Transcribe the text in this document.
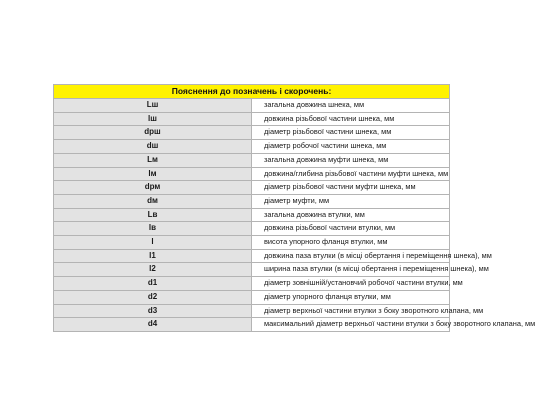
Пояснення до позначень і скорочень:	
Lш	загальна довжина шнека, мм
lш	довжина різьбової частини шнека, мм
dрш	діаметр різьбової частини шнека, мм
dш	діаметр робочої частини шнека, мм
Lм	загальна довжина муфти шнека, мм
lм	довжина/глибина різьбової частини муфти шнека, мм
dрм	діаметр різьбової частини муфти шнека, мм
dм	діаметр муфти, мм
Lв	загальна довжина втулки, мм
lв	довжина різьбової частини втулки, мм
l	висота упорного фланця втулки, мм
l1	довжина паза втулки (в місці обертання і переміщення шнека), мм
l2	ширина паза втулки (в місці обертання і переміщення шнека), мм
d1	діаметр зовнішній/установчий робочої частини втулки, мм
d2	діаметр упорного фланця втулки, мм
d3	діаметр верхньої частини втулки з боку зворотного клапана, мм
d4	максимальний діаметр верхньої частини втулки з боку зворотного клапана, мм
